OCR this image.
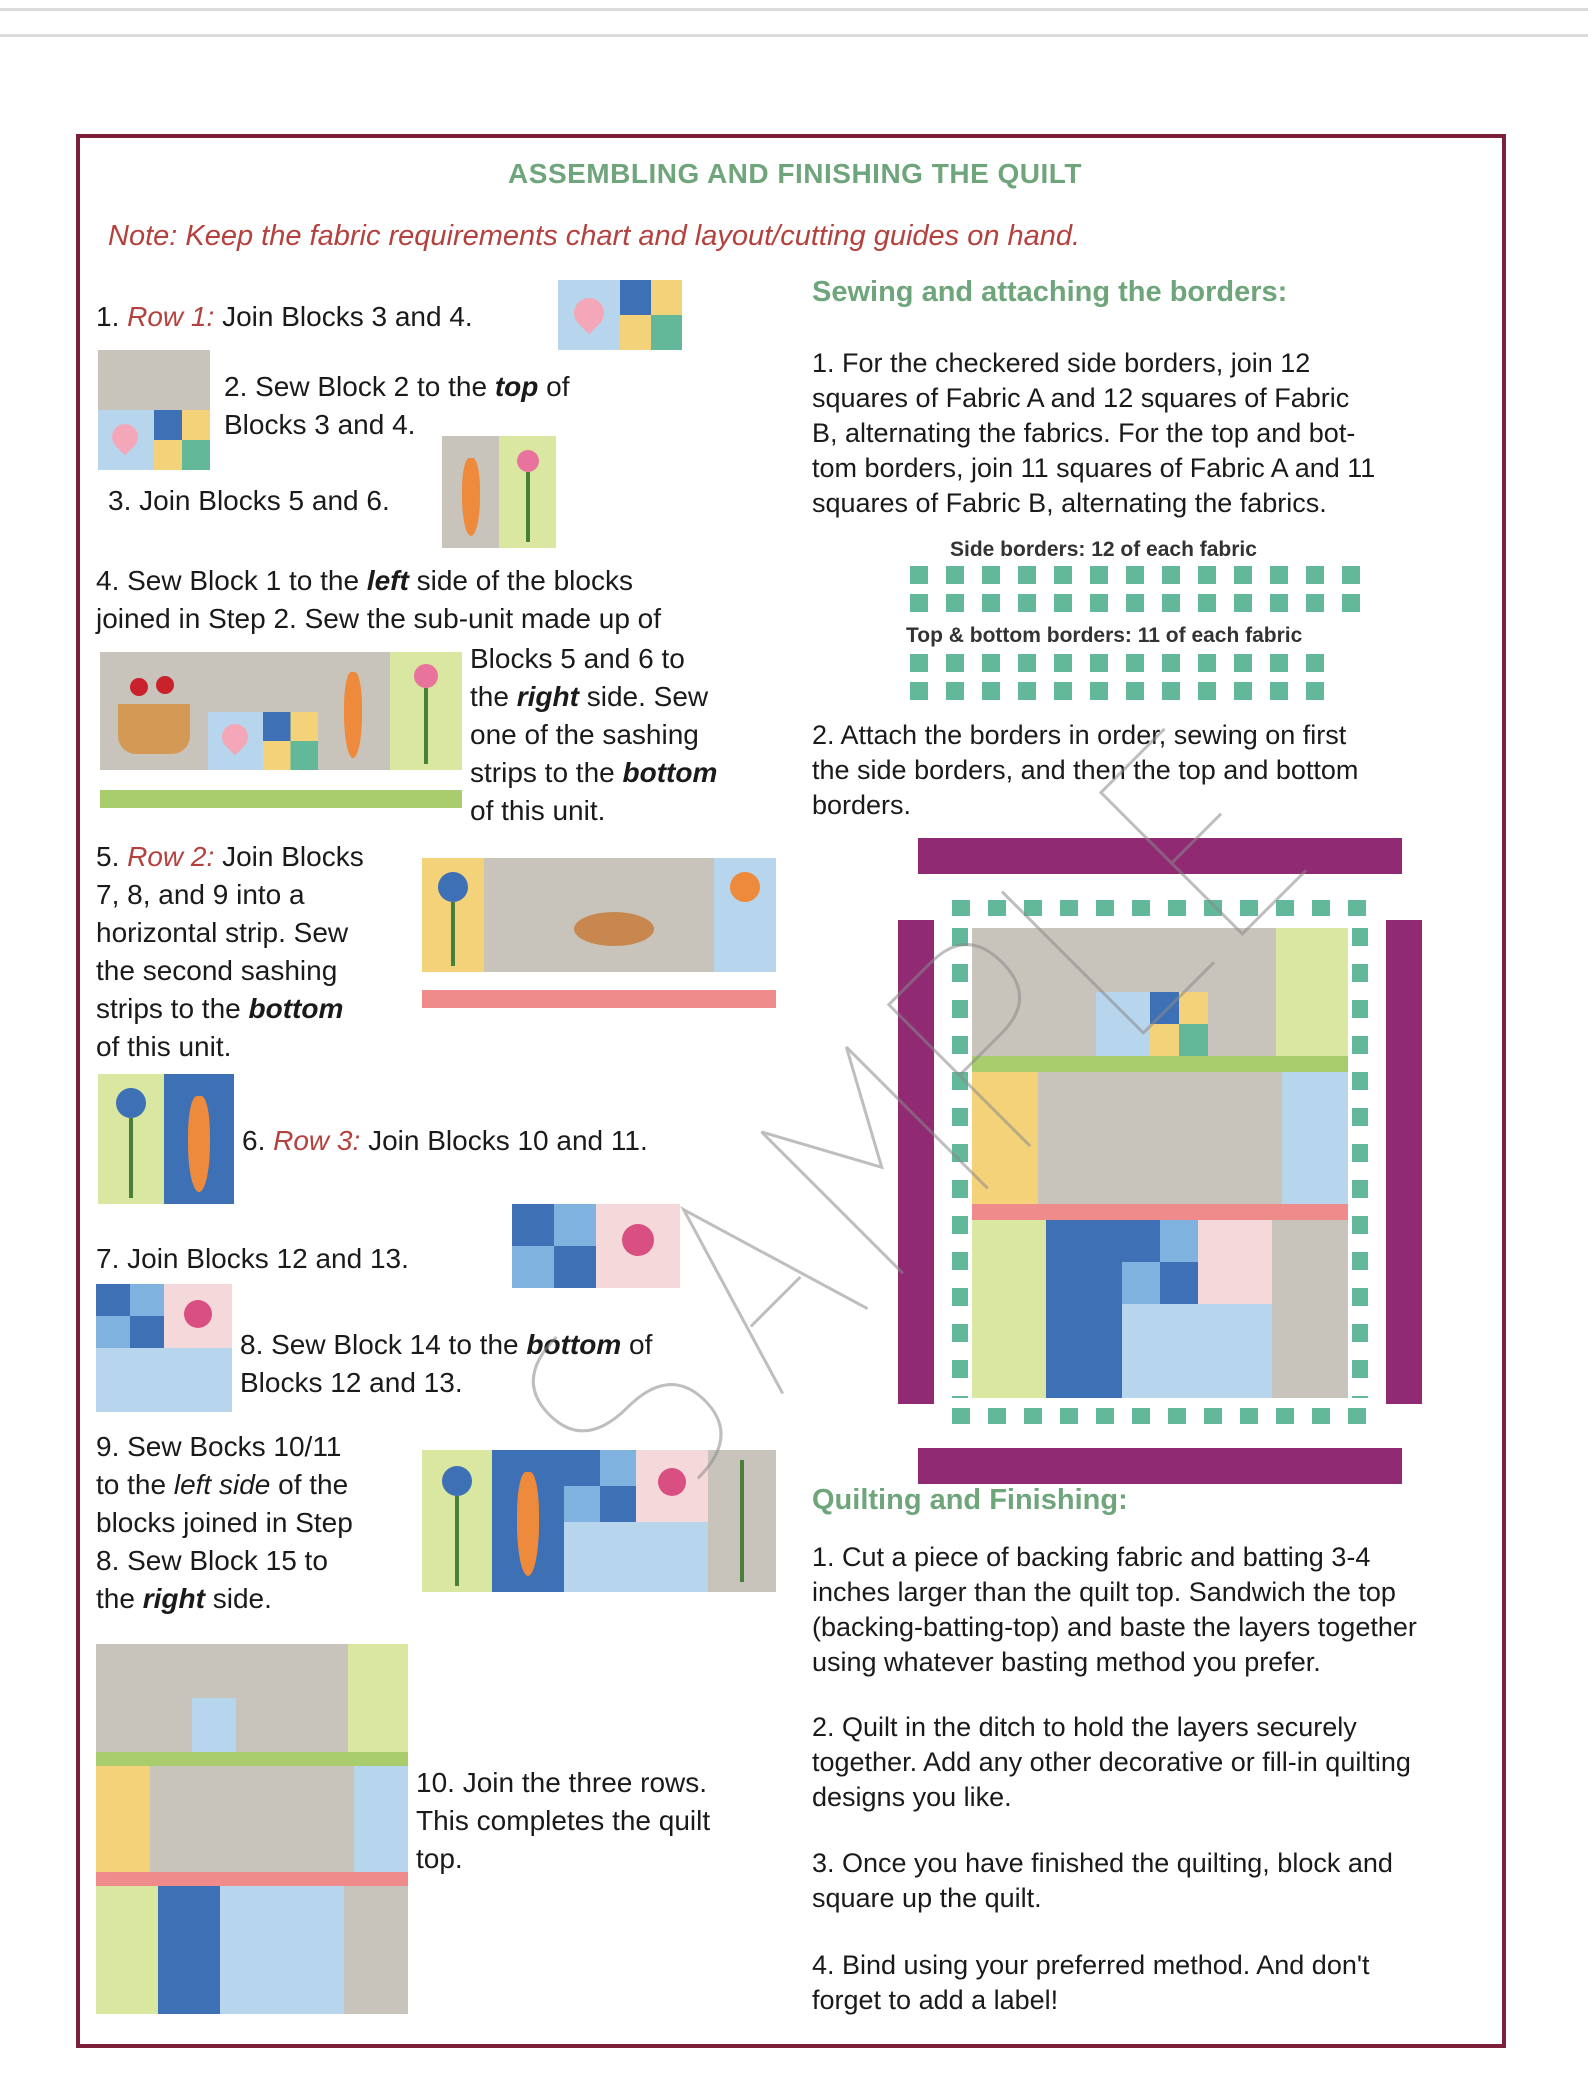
ASSEMBLING AND FINISHING THE QUILT
Note: Keep the fabric requirements chart and layout/cutting guides on hand.
1. Row 1: Join Blocks 3 and 4.
2. Sew Block 2 to the top of Blocks 3 and 4.
3. Join Blocks 5 and 6.
4. Sew Block 1 to the left side of the blocks
joined in Step 2. Sew the sub-unit made up of
Blocks 5 and 6 to
the right side. Sew
one of the sashing
strips to the bottom
of this unit.
5. Row 2: Join Blocks
7, 8, and 9 into a
horizontal strip. Sew
the second sashing
strips to the bottom
of this unit.
6. Row 3: Join Blocks 10 and 11.
7. Join Blocks 12 and 13.
8. Sew Block 14 to the bottom of
Blocks 12 and 13.
9. Sew Bocks 10/11
to the left side of the
blocks joined in Step
8. Sew Block 15 to
the right side.
10. Join the three rows.
This completes the quilt
top.
Sewing and attaching the borders:
1. For the checkered side borders, join 12
squares of Fabric A and 12 squares of Fabric
B, alternating the fabrics. For the top and bot-
tom borders, join 11 squares of Fabric A and 11
squares of Fabric B, alternating the fabrics.
Side borders: 12 of each fabric
Top & bottom borders: 11 of each fabric
2. Attach the borders in order, sewing on first
the side borders, and then the top and bottom
borders.
Quilting and Finishing:
1. Cut a piece of backing fabric and batting 3-4
inches larger than the quilt top. Sandwich the top
(backing-batting-top) and baste the layers together
using whatever basting method you prefer.
2. Quilt in the ditch to hold the layers securely
together. Add any other decorative or fill-in quilting
designs you like.
3. Once you have finished the quilting, block and
square up the quilt.
4. Bind using your preferred method. And don't
forget to add a label!
